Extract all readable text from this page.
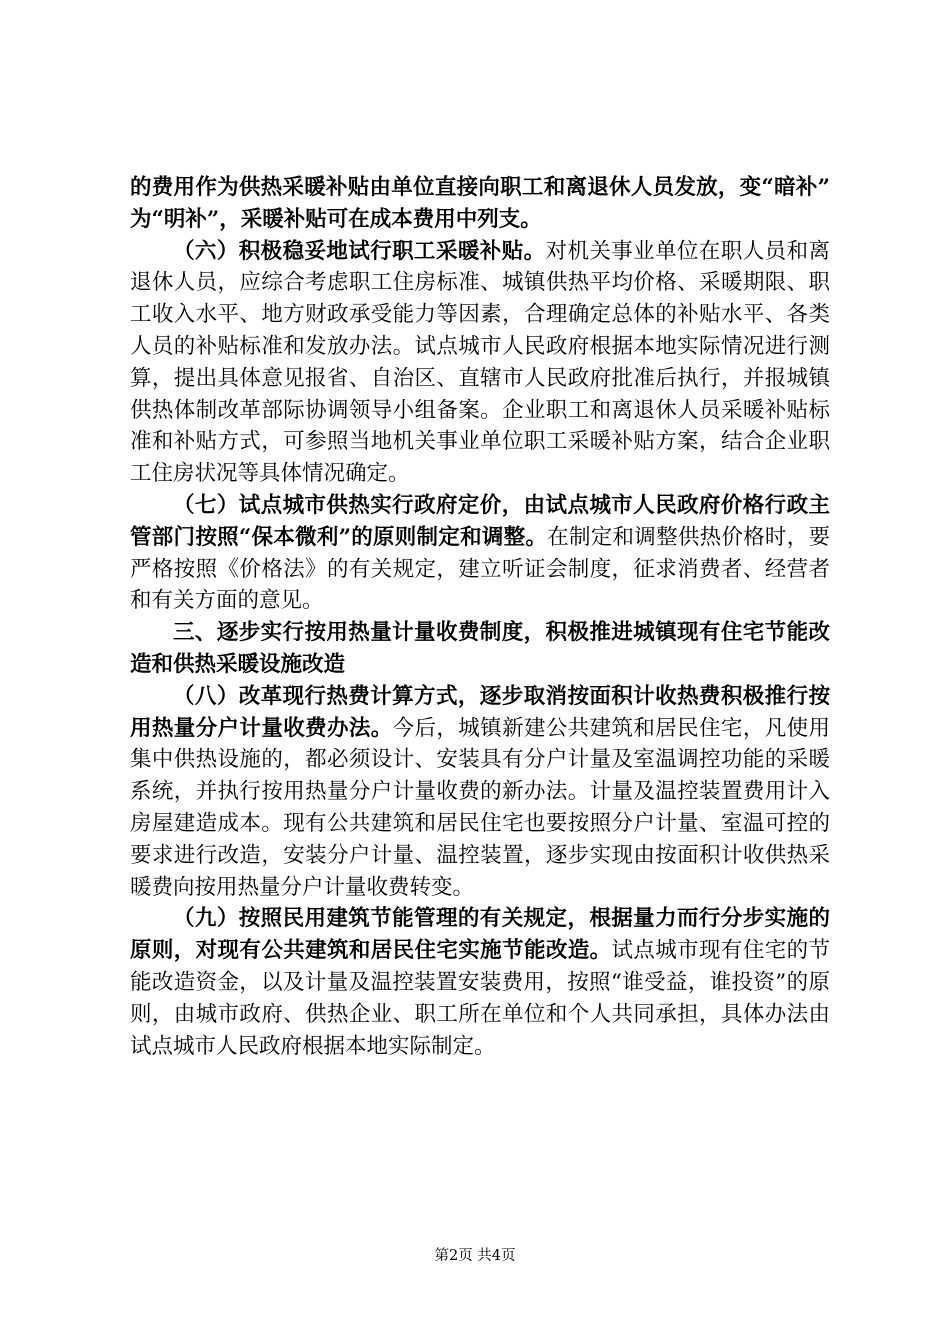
的费用作为供热采暖补贴由单位直接向职工和离退休人员发放，变“暗补”为“明补”，采暖补贴可在成本费用中列支。

（六）积极稳妥地试行职工采暖补贴。对机关事业单位在职人员和离退休人员，应综合考虑职工住房标准、城镇供热平均价格、采暖期限、职工收入水平、地方财政承受能力等因素，合理确定总体的补贴水平、各类人员的补贴标准和发放办法。试点城市人民政府根据本地实际情况进行测算，提出具体意见报省、自治区、直辖市人民政府批准后执行，并报城镇供热体制改革部际协调领导小组备案。企业职工和离退休人员采暖补贴标准和补贴方式，可参照当地机关事业单位职工采暖补贴方案，结合企业职工住房状况等具体情况确定。

（七）试点城市供热实行政府定价，由试点城市人民政府价格行政主管部门按照“保本微利”的原则制定和调整。在制定和调整供热价格时，要严格按照《价格法》的有关规定，建立听证会制度，征求消费者、经营者和有关方面的意见。

三、逐步实行按用热量计量收费制度，积极推进城镇现有住宅节能改造和供热采暖设施改造

（八）改革现行热费计算方式，逐步取消按面积计收热费积极推行按用热量分户计量收费办法。今后，城镇新建公共建筑和居民住宅，凡使用集中供热设施的，都必须设计、安装具有分户计量及室温调控功能的采暖系统，并执行按用热量分户计量收费的新办法。计量及温控装置费用计入房屋建造成本。现有公共建筑和居民住宅也要按照分户计量、室温可控的要求进行改造，安装分户计量、温控装置，逐步实现由按面积计收供热采暖费向按用热量分户计量收费转变。

（九）按照民用建筑节能管理的有关规定，根据量力而行分步实施的原则，对现有公共建筑和居民住宅实施节能改造。试点城市现有住宅的节能改造资金，以及计量及温控装置安装费用，按照“谁受益，谁投资”的原则，由城市政府、供热企业、职工所在单位和个人共同承担，具体办法由试点城市人民政府根据本地实际制定。

第2页 共4页
